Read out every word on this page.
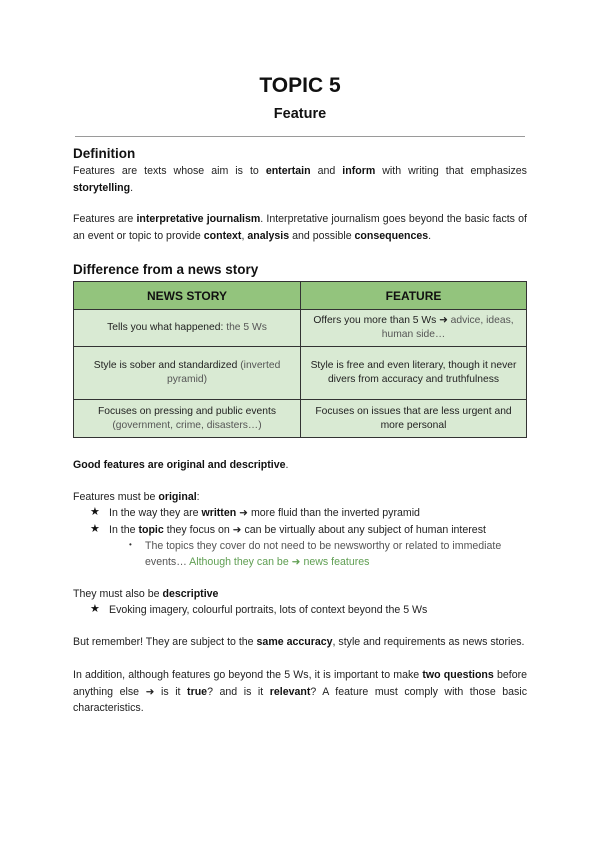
TOPIC 5
Feature
Definition
Features are texts whose aim is to entertain and inform with writing that emphasizes storytelling.
Features are interpretative journalism. Interpretative journalism goes beyond the basic facts of an event or topic to provide context, analysis and possible consequences.
Difference from a news story
NEWS STORY	FEATURE
Tells you what happened: the 5 Ws	Offers you more than 5 Ws ➜ advice, ideas, human side…
Style is sober and standardized (inverted pyramid)	Style is free and even literary, though it never divers from accuracy and truthfulness
Focuses on pressing and public events (government, crime, disasters…)	Focuses on issues that are less urgent and more personal
Good features are original and descriptive.
Features must be original:
★ In the way they are written ➜ more fluid than the inverted pyramid
★ In the topic they focus on ➜ can be virtually about any subject of human interest
• The topics they cover do not need to be newsworthy or related to immediate events… Although they can be ➜ news features
They must also be descriptive
★ Evoking imagery, colourful portraits, lots of context beyond the 5 Ws
But remember! They are subject to the same accuracy, style and requirements as news stories.
In addition, although features go beyond the 5 Ws, it is important to make two questions before anything else ➜ is it true? and is it relevant? A feature must comply with those basic characteristics.
